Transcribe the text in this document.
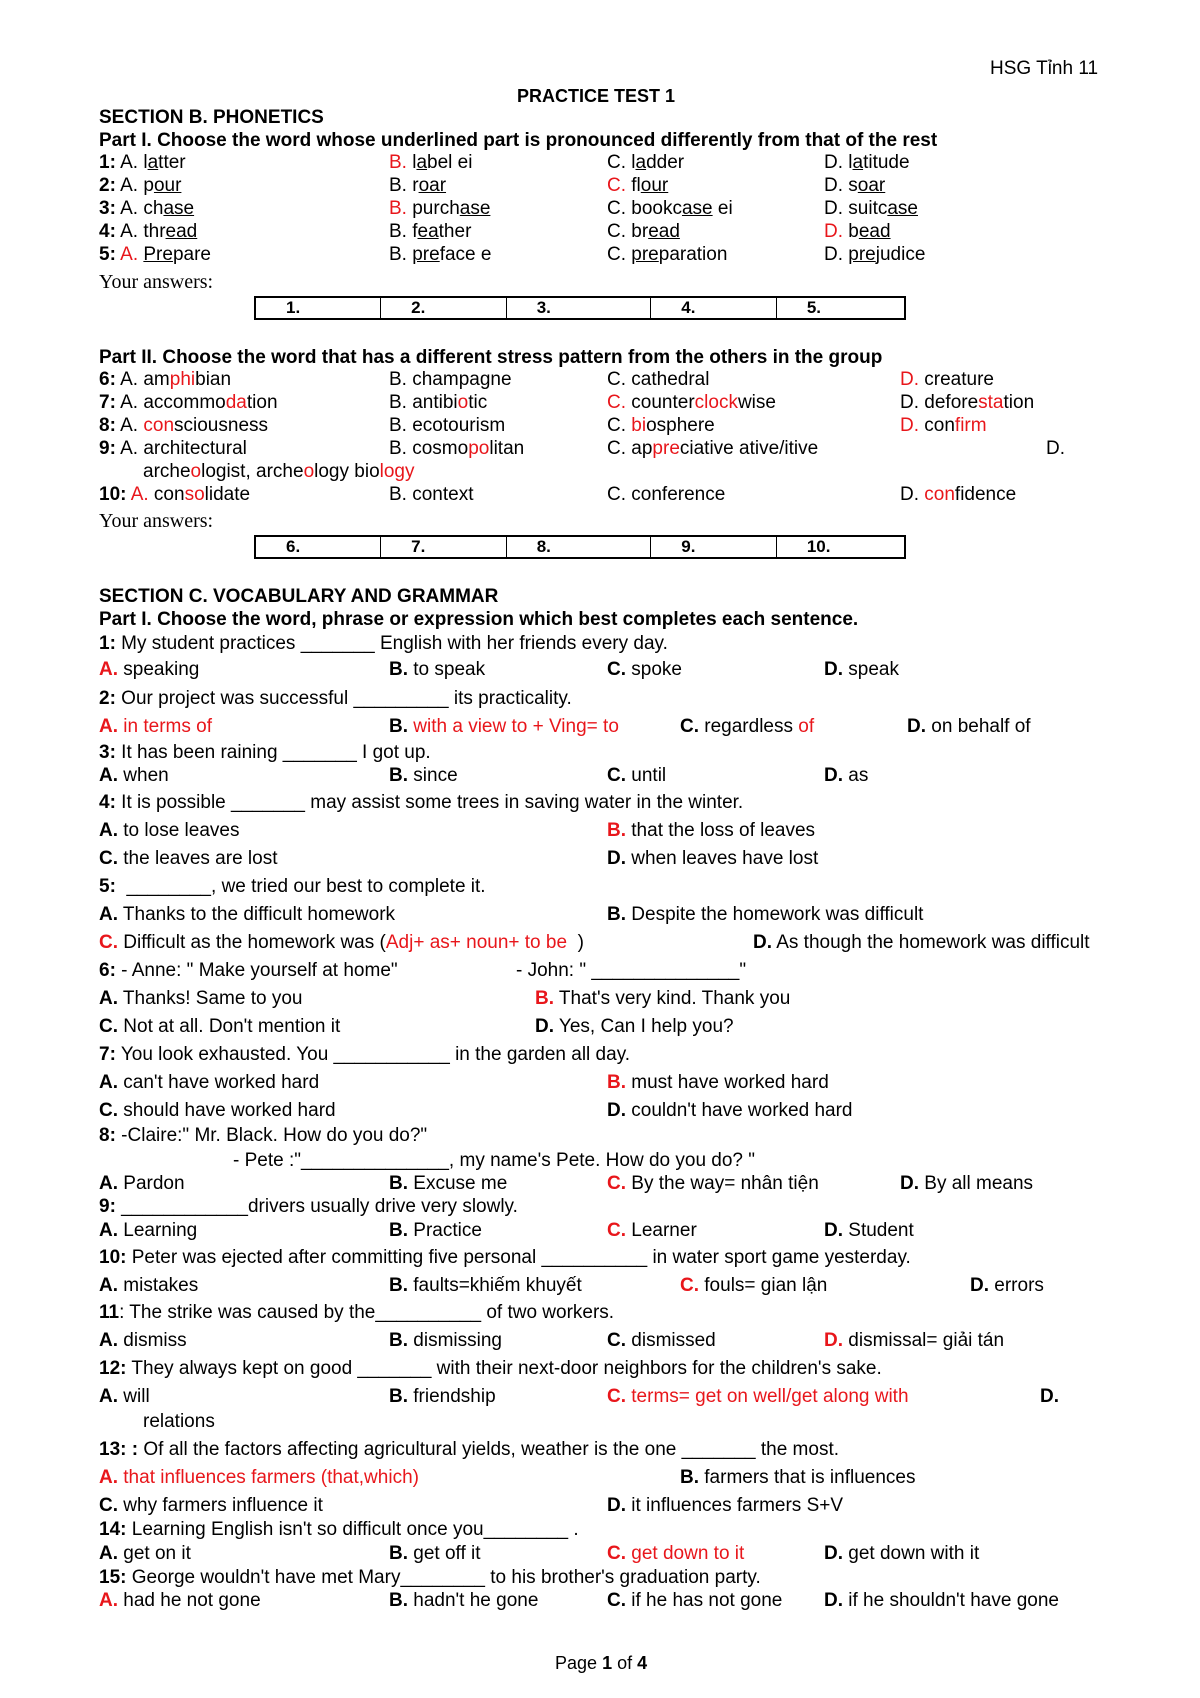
HSG Tỉnh 11
PRACTICE TEST 1
SECTION B. PHONETICS
Part I. Choose the word whose underlined part is pronounced differently from that of the rest
1: A. latter	B. label ei	C. ladder	D. latitude
2: A. pour	B. roar	C. flour	D. soar
3: A. chase	B. purchase	C. bookcase ei	D. suitcase
4: A. thread	B. feather	C. bread	D. bead
5: A. Prepare	B. preface e	C. preparation	D. prejudice
Your answers:
1.	2.	3.	4.	5.
Part II. Choose the word that has a different stress pattern from the others in the group
6: A. amphibian	B. champagne	C. cathedral	D. creature
7: A. accommodation	B. antibiotic	C. counterclockwise	D. deforestation
8: A. consciousness	B. ecotourism	C. biosphere	D. confirm
9: A. architectural	B. cosmopolitan	C. appreciative ative/itive	D.
archeologist, archeology biology
10: A. consolidate	B. context	C. conference	D. confidence
Your answers:
6.	7.	8.	9.	10.
SECTION C. VOCABULARY AND GRAMMAR
Part I. Choose the word, phrase or expression which best completes each sentence.
1: My student practices _______ English with her friends every day.
A. speaking	B. to speak	C. spoke	D. speak
2: Our project was successful _________ its practicality.
A. in terms of	B. with a view to + Ving= to	C. regardless of	D. on behalf of
3: It has been raining _______ I got up.
A. when	B. since	C. until	D. as
4: It is possible _______ may assist some trees in saving water in the winter.
A. to lose leaves	B. that the loss of leaves
C. the leaves are lost	D. when leaves have lost
5: ________, we tried our best to complete it.
A. Thanks to the difficult homework	B. Despite the homework was difficult
C. Difficult as the homework was (Adj+ as+ noun+ to be  )	D. As though the homework was difficult
6: - Anne: " Make yourself at home"	- John: " ______________"
A. Thanks! Same to you	B. That's very kind. Thank you
C. Not at all. Don't mention it	D. Yes, Can I help you?
7: You look exhausted. You ___________ in the garden all day.
A. can't have worked hard	B. must have worked hard
C. should have worked hard	D. couldn't have worked hard
8: -Claire:" Mr. Black. How do you do?"
- Pete :"______________, my name's Pete. How do you do? "
A. Pardon	B. Excuse me	C. By the way= nhân tiện	D. By all means
9: ____________drivers usually drive very slowly.
A. Learning	B. Practice	C. Learner	D. Student
10: Peter was ejected after committing five personal __________ in water sport game yesterday.
A. mistakes	B. faults=khiếm khuyết	C. fouls= gian lận	D. errors
11: The strike was caused by the__________ of two workers.
A. dismiss	B. dismissing	C. dismissed	D. dismissal= giải tán
12: They always kept on good _______ with their next-door neighbors for the children's sake.
A. will	B. friendship	C. terms= get on well/get along with	D.
relations
13: : Of all the factors affecting agricultural yields, weather is the one _______ the most.
A. that influences farmers (that,which)	B. farmers that is influences
C. why farmers influence it	D. it influences farmers S+V
14: Learning English isn't so difficult once you________ .
A. get on it	B. get off it	C. get down to it	D. get down with it
15: George wouldn't have met Mary________ to his brother's graduation party.
A. had he not gone	B. hadn't he gone	C. if he has not gone D. if he shouldn't have gone
Page 1 of 4
